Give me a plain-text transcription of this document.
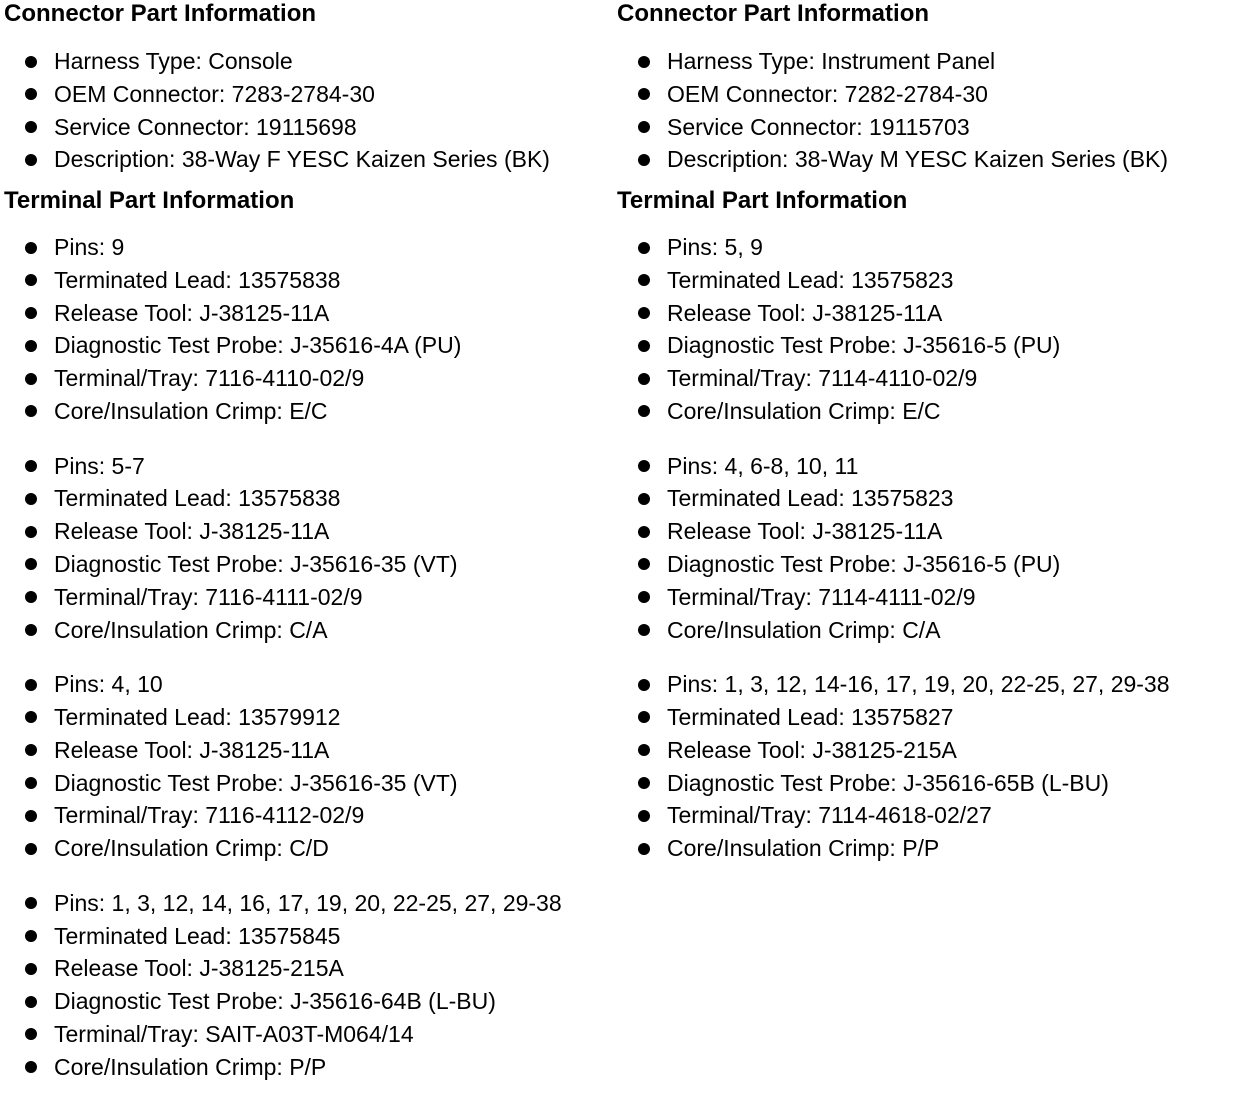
Connector Part Information
Harness Type: Console
OEM Connector: 7283-2784-30
Service Connector: 19115698
Description: 38-Way F YESC Kaizen Series (BK)
Terminal Part Information
Pins: 9
Terminated Lead: 13575838
Release Tool: J-38125-11A
Diagnostic Test Probe: J-35616-4A (PU)
Terminal/Tray: 7116-4110-02/9
Core/Insulation Crimp: E/C
Pins: 5-7
Terminated Lead: 13575838
Release Tool: J-38125-11A
Diagnostic Test Probe: J-35616-35 (VT)
Terminal/Tray: 7116-4111-02/9
Core/Insulation Crimp: C/A
Pins: 4, 10
Terminated Lead: 13579912
Release Tool: J-38125-11A
Diagnostic Test Probe: J-35616-35 (VT)
Terminal/Tray: 7116-4112-02/9
Core/Insulation Crimp: C/D
Pins: 1, 3, 12, 14, 16, 17, 19, 20, 22-25, 27, 29-38
Terminated Lead: 13575845
Release Tool: J-38125-215A
Diagnostic Test Probe: J-35616-64B (L-BU)
Terminal/Tray: SAIT-A03T-M064/14
Core/Insulation Crimp: P/P
Connector Part Information
Harness Type: Instrument Panel
OEM Connector: 7282-2784-30
Service Connector: 19115703
Description: 38-Way M YESC Kaizen Series (BK)
Terminal Part Information
Pins: 5, 9
Terminated Lead: 13575823
Release Tool: J-38125-11A
Diagnostic Test Probe: J-35616-5 (PU)
Terminal/Tray: 7114-4110-02/9
Core/Insulation Crimp: E/C
Pins: 4, 6-8, 10, 11
Terminated Lead: 13575823
Release Tool: J-38125-11A
Diagnostic Test Probe: J-35616-5 (PU)
Terminal/Tray: 7114-4111-02/9
Core/Insulation Crimp: C/A
Pins: 1, 3, 12, 14-16, 17, 19, 20, 22-25, 27, 29-38
Terminated Lead: 13575827
Release Tool: J-38125-215A
Diagnostic Test Probe: J-35616-65B (L-BU)
Terminal/Tray: 7114-4618-02/27
Core/Insulation Crimp: P/P
